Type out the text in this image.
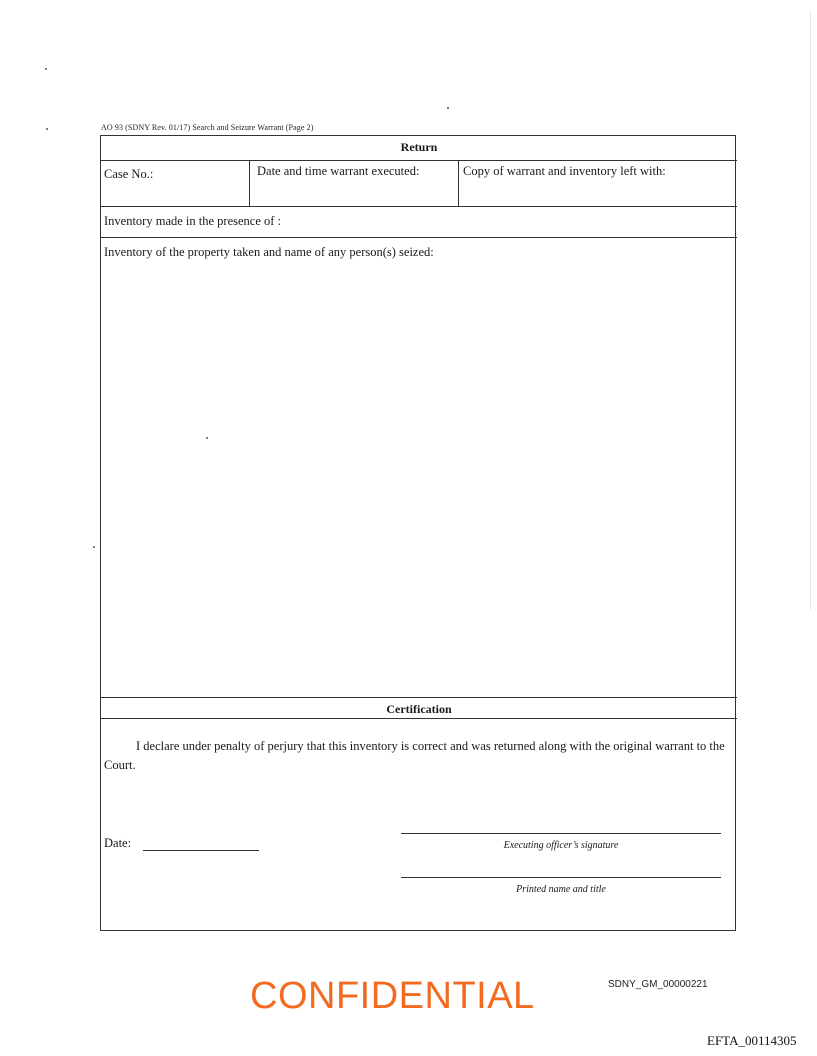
AO 93 (SDNY Rev. 01/17) Search and Seizure Warrant (Page 2)
Return
Case No.:	Date and time warrant executed:	Copy of warrant and inventory left with:
Inventory made in the presence of :
Inventory of the property taken and name of any person(s) seized:
Certification
I declare under penalty of perjury that this inventory is correct and was returned along with the original warrant to the Court.
Date:	Executing officer’s signature
Printed name and title
CONFIDENTIAL	SDNY_GM_00000221
EFTA_00114305
